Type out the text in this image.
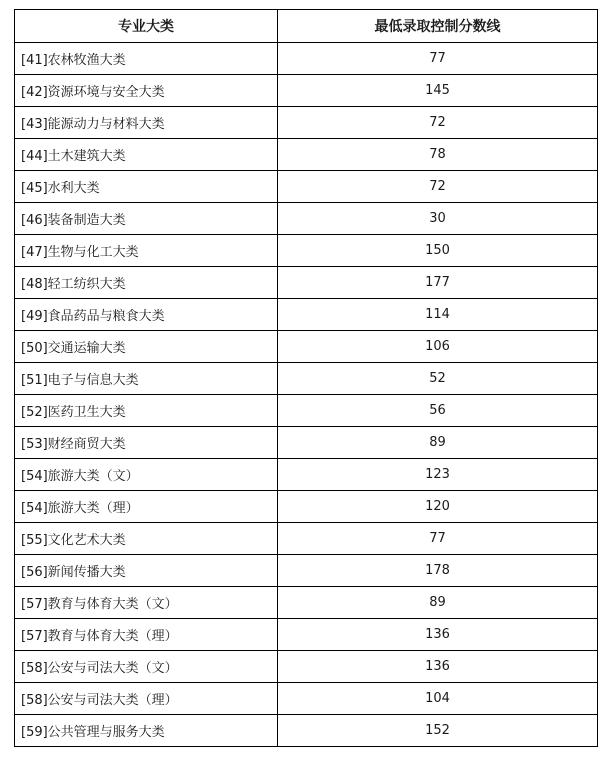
专业大类	最低录取控制分数线
[41]农林牧渔大类	77
[42]资源环境与安全大类	145
[43]能源动力与材料大类	72
[44]土木建筑大类	78
[45]水利大类	72
[46]装备制造大类	30
[47]生物与化工大类	150
[48]轻工纺织大类	177
[49]食品药品与粮食大类	114
[50]交通运输大类	106
[51]电子与信息大类	52
[52]医药卫生大类	56
[53]财经商贸大类	89
[54]旅游大类（文）	123
[54]旅游大类（理）	120
[55]文化艺术大类	77
[56]新闻传播大类	178
[57]教育与体育大类（文）	89
[57]教育与体育大类（理）	136
[58]公安与司法大类（文）	136
[58]公安与司法大类（理）	104
[59]公共管理与服务大类	152
